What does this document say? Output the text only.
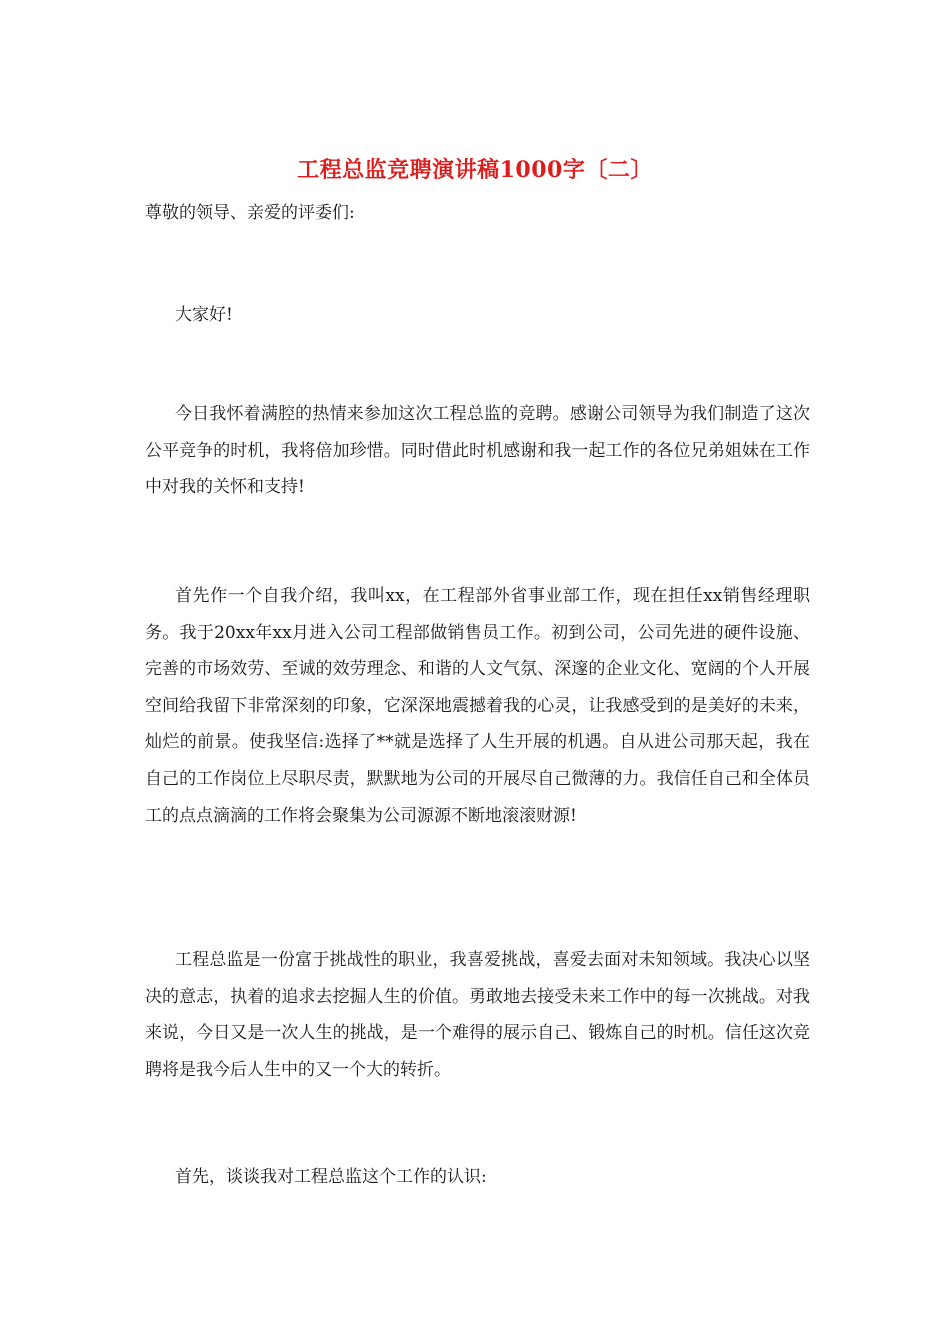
工程总监竞聘演讲稿1000字〔二〕
尊敬的领导、亲爱的评委们:

大家好!

今日我怀着满腔的热情来参加这次工程总监的竞聘。感谢公司领导为我们制造了这次公平竞争的时机，我将倍加珍惜。同时借此时机感谢和我一起工作的各位兄弟姐妹在工作中对我的关怀和支持!

首先作一个自我介绍，我叫xx，在工程部外省事业部工作，现在担任xx销售经理职务。我于20xx年xx月进入公司工程部做销售员工作。初到公司，公司先进的硬件设施、完善的市场效劳、至诚的效劳理念、和谐的人文气氛、深邃的企业文化、宽阔的个人开展空间给我留下非常深刻的印象，它深深地震撼着我的心灵，让我感受到的是美好的未来，灿烂的前景。使我坚信:选择了**就是选择了人生开展的机遇。自从进公司那天起，我在自己的工作岗位上尽职尽责，默默地为公司的开展尽自己微薄的力。我信任自己和全体员工的点点滴滴的工作将会聚集为公司源源不断地滚滚财源!

工程总监是一份富于挑战性的职业，我喜爱挑战，喜爱去面对未知领域。我决心以坚决的意志，执着的追求去挖掘人生的价值。勇敢地去接受未来工作中的每一次挑战。对我来说，今日又是一次人生的挑战，是一个难得的展示自己、锻炼自己的时机。信任这次竞聘将是我今后人生中的又一个大的转折。

首先，谈谈我对工程总监这个工作的认识:
